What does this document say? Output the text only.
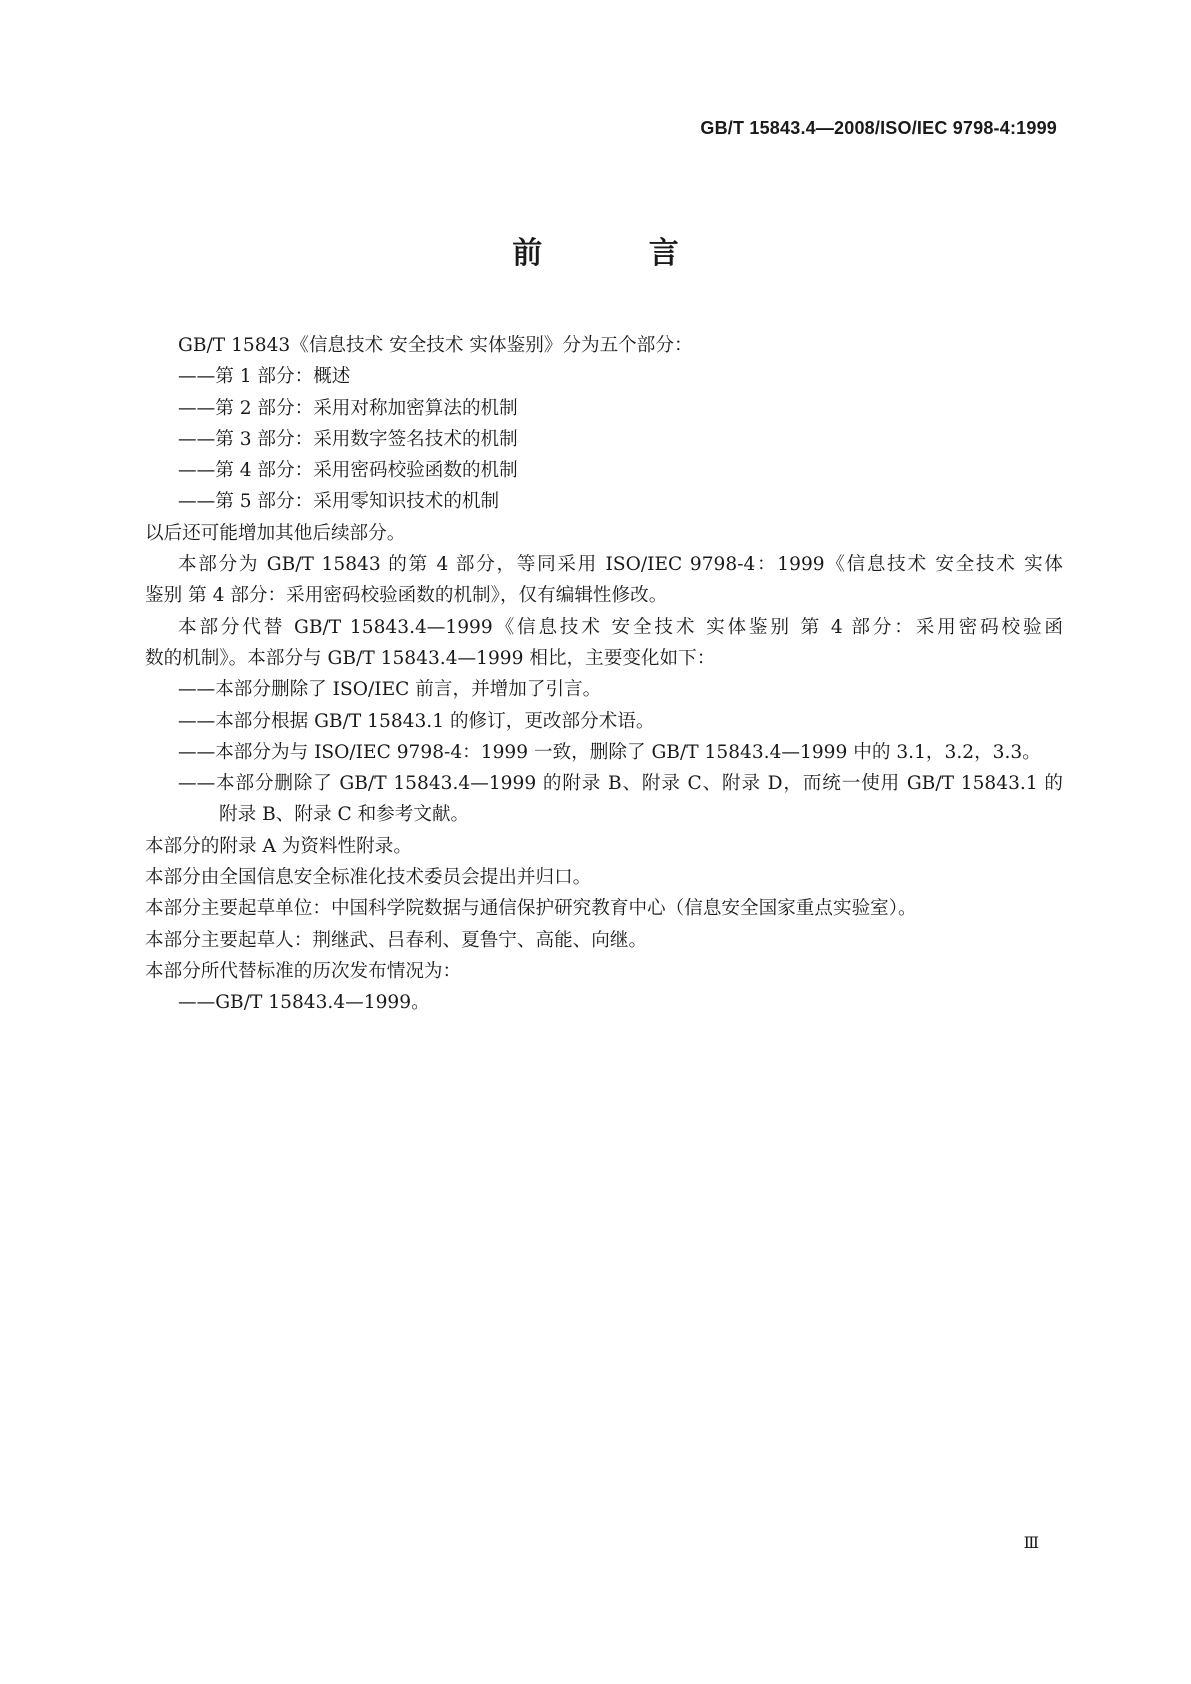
GB/T 15843.4—2008/ISO/IEC 9798-4:1999
前 言

GB/T 15843《信息技术 安全技术 实体鉴别》分为五个部分：

——第 1 部分：概述

——第 2 部分：采用对称加密算法的机制

——第 3 部分：采用数字签名技术的机制

——第 4 部分：采用密码校验函数的机制

——第 5 部分：采用零知识技术的机制

以后还可能增加其他后续部分。

本部分为 GB/T 15843 的第 4 部分，等同采用 ISO/IEC 9798-4：1999《信息技术 安全技术 实体

鉴别 第 4 部分：采用密码校验函数的机制》，仅有编辑性修改。

本部分代替 GB/T 15843.4—1999《信息技术 安全技术 实体鉴别 第 4 部分：采用密码校验函

数的机制》。本部分与 GB/T 15843.4—1999 相比，主要变化如下：

——本部分删除了 ISO/IEC 前言，并增加了引言。

——本部分根据 GB/T 15843.1 的修订，更改部分术语。

——本部分为与 ISO/IEC 9798-4：1999 一致，删除了 GB/T 15843.4—1999 中的 3.1，3.2，3.3。

——本部分删除了 GB/T 15843.4—1999 的附录 B、附录 C、附录 D，而统一使用 GB/T 15843.1 的

附录 B、附录 C 和参考文献。

本部分的附录 A 为资料性附录。

本部分由全国信息安全标准化技术委员会提出并归口。

本部分主要起草单位：中国科学院数据与通信保护研究教育中心（信息安全国家重点实验室）。

本部分主要起草人：荆继武、吕春利、夏鲁宁、高能、向继。

本部分所代替标准的历次发布情况为：

——GB/T 15843.4—1999。

Ⅲ
